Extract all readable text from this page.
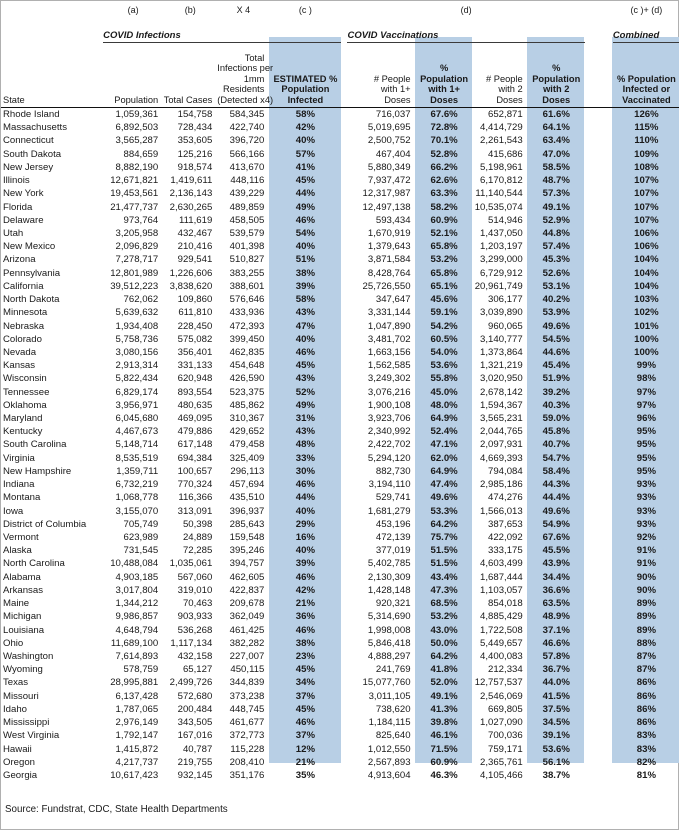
	(a)	(b)	X 4	(c )		(d)					(c )+ (d)
	COVID Infections					COVID Vaccinations					Combined
State	Population	Total Cases	Total
Infections per
1mm
Residents
(Detected x4)	ESTIMATED %
Population
Infected		# People
with 1+
Doses	%
Population
with 1+
Doses	# People
with 2
Doses	%
Population
with 2
Doses		% Population
Infected or
Vaccinated
Rhode Island	1,059,361	154,758	584,345	58%		716,037	67.6%	652,871	61.6%		126%
Massachusetts	6,892,503	728,434	422,740	42%		5,019,695	72.8%	4,414,729	64.1%		115%
Connecticut	3,565,287	353,605	396,720	40%		2,500,752	70.1%	2,261,543	63.4%		110%
South Dakota	884,659	125,216	566,166	57%		467,404	52.8%	415,686	47.0%		109%
New Jersey	8,882,190	918,574	413,670	41%		5,880,349	66.2%	5,198,961	58.5%		108%
Illinois	12,671,821	1,419,611	448,116	45%		7,937,472	62.6%	6,170,812	48.7%		107%
New York	19,453,561	2,136,143	439,229	44%		12,317,987	63.3%	11,140,544	57.3%		107%
Florida	21,477,737	2,630,265	489,859	49%		12,497,138	58.2%	10,535,074	49.1%		107%
Delaware	973,764	111,619	458,505	46%		593,434	60.9%	514,946	52.9%		107%
Utah	3,205,958	432,467	539,579	54%		1,670,919	52.1%	1,437,050	44.8%		106%
New Mexico	2,096,829	210,416	401,398	40%		1,379,643	65.8%	1,203,197	57.4%		106%
Arizona	7,278,717	929,541	510,827	51%		3,871,584	53.2%	3,299,000	45.3%		104%
Pennsylvania	12,801,989	1,226,606	383,255	38%		8,428,764	65.8%	6,729,912	52.6%		104%
California	39,512,223	3,838,620	388,601	39%		25,726,550	65.1%	20,961,749	53.1%		104%
North Dakota	762,062	109,860	576,646	58%		347,647	45.6%	306,177	40.2%		103%
Minnesota	5,639,632	611,810	433,936	43%		3,331,144	59.1%	3,039,890	53.9%		102%
Nebraska	1,934,408	228,450	472,393	47%		1,047,890	54.2%	960,065	49.6%		101%
Colorado	5,758,736	575,082	399,450	40%		3,481,702	60.5%	3,140,777	54.5%		100%
Nevada	3,080,156	356,401	462,835	46%		1,663,156	54.0%	1,373,864	44.6%		100%
Kansas	2,913,314	331,133	454,648	45%		1,562,585	53.6%	1,321,219	45.4%		99%
Wisconsin	5,822,434	620,948	426,590	43%		3,249,302	55.8%	3,020,950	51.9%		98%
Tennessee	6,829,174	893,554	523,375	52%		3,076,216	45.0%	2,678,142	39.2%		97%
Oklahoma	3,956,971	480,635	485,862	49%		1,900,108	48.0%	1,594,367	40.3%		97%
Maryland	6,045,680	469,095	310,367	31%		3,923,706	64.9%	3,565,231	59.0%		96%
Kentucky	4,467,673	479,886	429,652	43%		2,340,992	52.4%	2,044,765	45.8%		95%
South Carolina	5,148,714	617,148	479,458	48%		2,422,702	47.1%	2,097,931	40.7%		95%
Virginia	8,535,519	694,384	325,409	33%		5,294,120	62.0%	4,669,393	54.7%		95%
New Hampshire	1,359,711	100,657	296,113	30%		882,730	64.9%	794,084	58.4%		95%
Indiana	6,732,219	770,324	457,694	46%		3,194,110	47.4%	2,985,186	44.3%		93%
Montana	1,068,778	116,366	435,510	44%		529,741	49.6%	474,276	44.4%		93%
Iowa	3,155,070	313,091	396,937	40%		1,681,279	53.3%	1,566,013	49.6%		93%
District of Columbia	705,749	50,398	285,643	29%		453,196	64.2%	387,653	54.9%		93%
Vermont	623,989	24,889	159,548	16%		472,139	75.7%	422,092	67.6%		92%
Alaska	731,545	72,285	395,246	40%		377,019	51.5%	333,175	45.5%		91%
North Carolina	10,488,084	1,035,061	394,757	39%		5,402,785	51.5%	4,603,499	43.9%		91%
Alabama	4,903,185	567,060	462,605	46%		2,130,309	43.4%	1,687,444	34.4%		90%
Arkansas	3,017,804	319,010	422,837	42%		1,428,148	47.3%	1,103,057	36.6%		90%
Maine	1,344,212	70,463	209,678	21%		920,321	68.5%	854,018	63.5%		89%
Michigan	9,986,857	903,933	362,049	36%		5,314,690	53.2%	4,885,429	48.9%		89%
Louisiana	4,648,794	536,268	461,425	46%		1,998,008	43.0%	1,722,508	37.1%		89%
Ohio	11,689,100	1,117,134	382,282	38%		5,846,418	50.0%	5,449,657	46.6%		88%
Washington	7,614,893	432,158	227,007	23%		4,888,297	64.2%	4,400,083	57.8%		87%
Wyoming	578,759	65,127	450,115	45%		241,769	41.8%	212,334	36.7%		87%
Texas	28,995,881	2,499,726	344,839	34%		15,077,760	52.0%	12,757,537	44.0%		86%
Missouri	6,137,428	572,680	373,238	37%		3,011,105	49.1%	2,546,069	41.5%		86%
Idaho	1,787,065	200,484	448,745	45%		738,620	41.3%	669,805	37.5%		86%
Mississippi	2,976,149	343,505	461,677	46%		1,184,115	39.8%	1,027,090	34.5%		86%
West Virginia	1,792,147	167,016	372,773	37%		825,640	46.1%	700,036	39.1%		83%
Hawaii	1,415,872	40,787	115,228	12%		1,012,550	71.5%	759,171	53.6%		83%
Oregon	4,217,737	219,755	208,410	21%		2,567,893	60.9%	2,365,761	56.1%		82%
Georgia	10,617,423	932,145	351,176	35%		4,913,604	46.3%	4,105,466	38.7%		81%
Source: Fundstrat, CDC, State Health Departments
